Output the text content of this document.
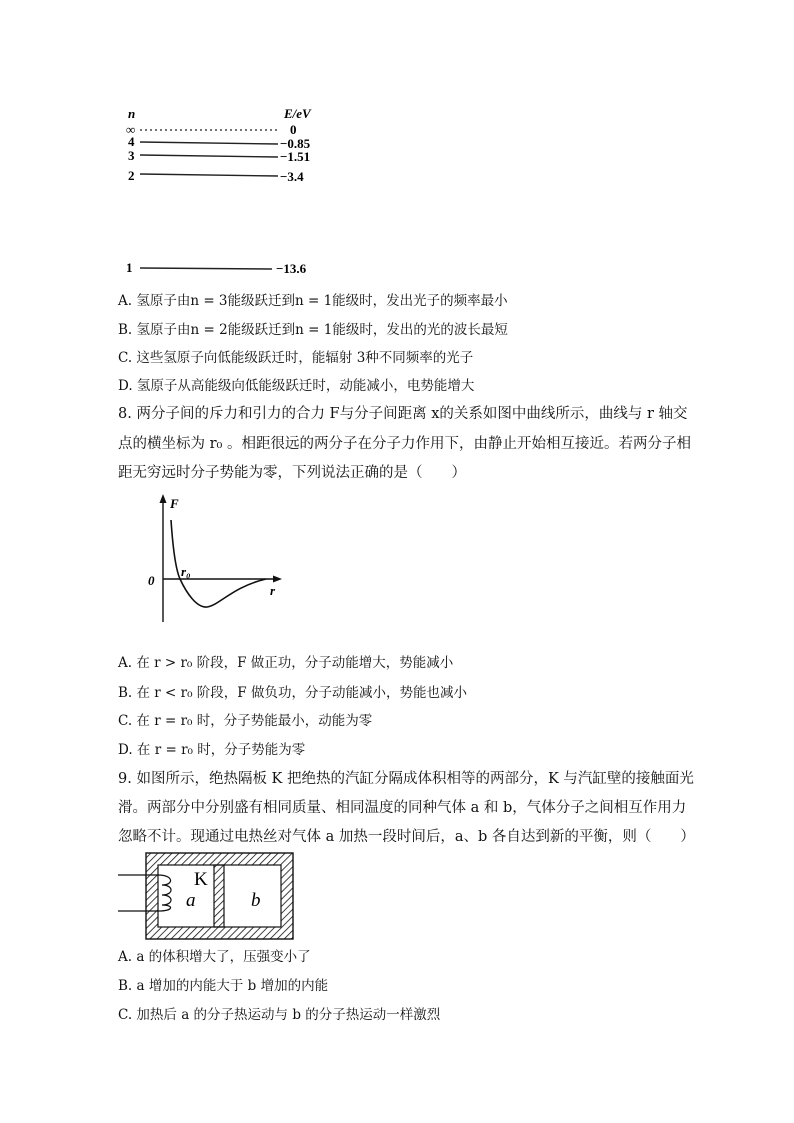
n	E/eV
∞	0
4	−0.85
3	−1.51
2	−3.4
1	−13.6
A. 氢原子由n = 3能级跃迁到n = 1能级时，发出光子的频率最小
B. 氢原子由n = 2能级跃迁到n = 1能级时，发出的光的波长最短
C. 这些氢原子向低能级跃迁时，能辐射 3种不同频率的光子
D. 氢原子从高能级向低能级跃迁时，动能减小，电势能增大
8. 两分子间的斥力和引力的合力 F与分子间距离 x的关系如图中曲线所示，曲线与 r 轴交
点的横坐标为 r₀ 。相距很远的两分子在分子力作用下，由静止开始相互接近。若两分子相
距无穷远时分子势能为零，下列说法正确的是（　　）
F
0
r₀
r
A. 在 r > r₀ 阶段，F 做正功，分子动能增大，势能减小
B. 在 r < r₀ 阶段，F 做负功，分子动能减小，势能也减小
C. 在 r = r₀ 时，分子势能最小，动能为零
D. 在 r = r₀ 时，分子势能为零
9. 如图所示，绝热隔板 K 把绝热的汽缸分隔成体积相等的两部分，K 与汽缸壁的接触面光
滑。两部分中分别盛有相同质量、相同温度的同种气体 a 和 b，气体分子之间相互作用力
忽略不计。现通过电热丝对气体 a 加热一段时间后，a、b 各自达到新的平衡，则（　　）
K
a	b
A. a 的体积增大了，压强变小了
B. a 增加的内能大于 b 增加的内能
C. 加热后 a 的分子热运动与 b 的分子热运动一样激烈
